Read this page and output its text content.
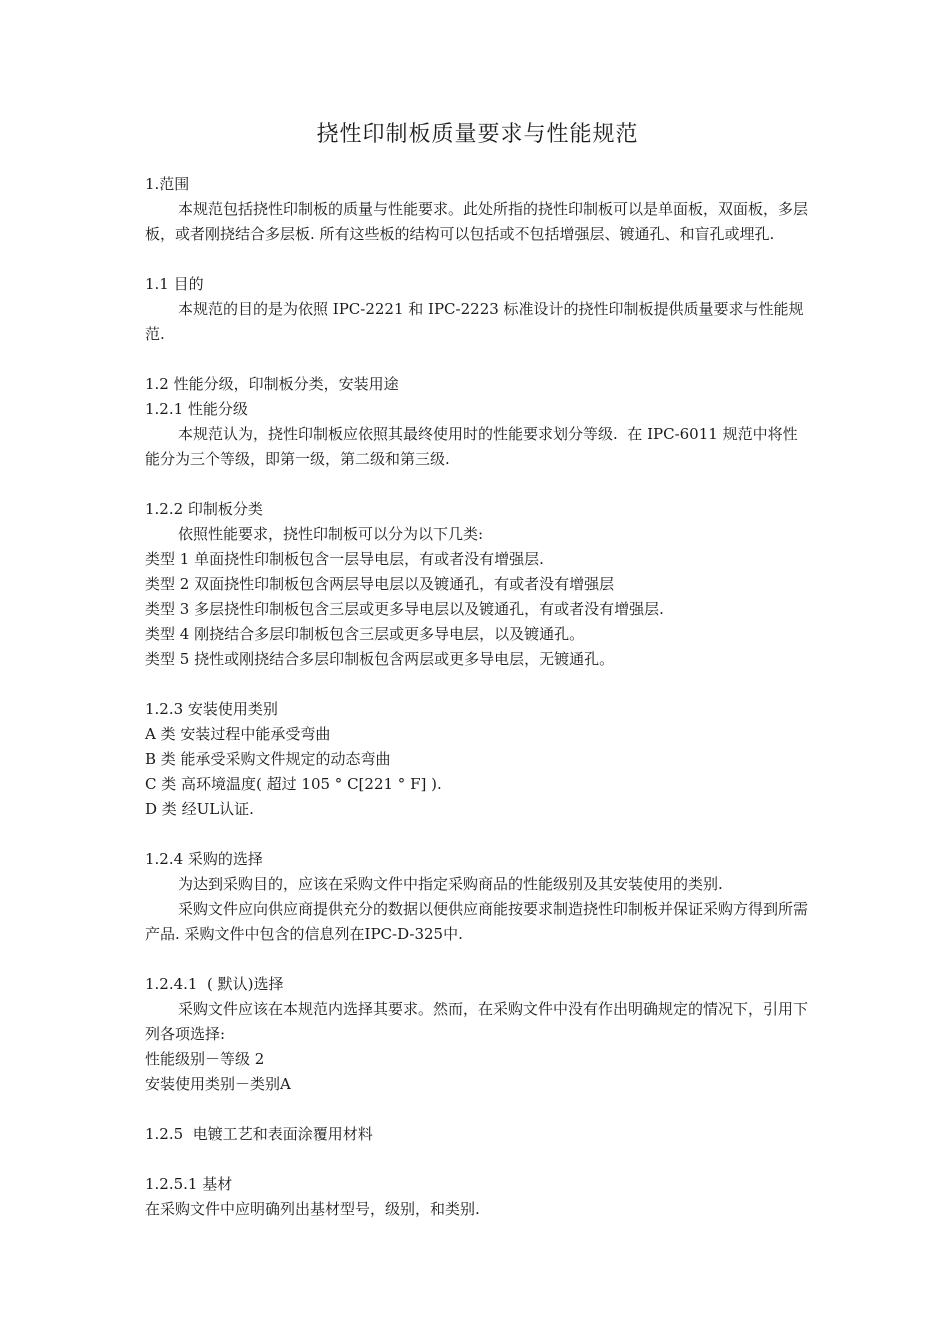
挠性印制板质量要求与性能规范

1.范围

本规范包括挠性印制板的质量与性能要求。此处所指的挠性印制板可以是单面板，双面板，多层板，或者刚挠结合多层板. 所有这些板的结构可以包括或不包括增强层、镀通孔、和盲孔或埋孔.

1.1 目的

本规范的目的是为依照 IPC-2221 和 IPC-2223 标准设计的挠性印制板提供质量要求与性能规范.

1.2 性能分级，印制板分类，安装用途

1.2.1 性能分级

本规范认为，挠性印制板应依照其最终使用时的性能要求划分等级.  在 IPC-6011 规范中将性能分为三个等级，即第一级，第二级和第三级.

1.2.2 印制板分类

依照性能要求，挠性印制板可以分为以下几类:

类型 1 单面挠性印制板包含一层导电层，有或者没有增强层.

类型 2 双面挠性印制板包含两层导电层以及镀通孔，有或者没有增强层

类型 3 多层挠性印制板包含三层或更多导电层以及镀通孔，有或者没有增强层.

类型 4 刚挠结合多层印制板包含三层或更多导电层，以及镀通孔。

类型 5 挠性或刚挠结合多层印制板包含两层或更多导电层，无镀通孔。

1.2.3 安装使用类别

A 类 安装过程中能承受弯曲

B 类 能承受采购文件规定的动态弯曲

C 类 高环境温度( 超过 105 ° C[221 ° F] ).

D 类 经UL认证.

1.2.4 采购的选择

为达到采购目的，应该在采购文件中指定采购商品的性能级别及其安装使用的类别.

采购文件应向供应商提供充分的数据以便供应商能按要求制造挠性印制板并保证采购方得到所需产品. 采购文件中包含的信息列在IPC-D-325中.

1.2.4.1  ( 默认)选择

采购文件应该在本规范内选择其要求。然而，在采购文件中没有作出明确规定的情况下，引用下列各项选择:

性能级别－等级 2

安装使用类别－类别A

1.2.5  电镀工艺和表面涂覆用材料

1.2.5.1 基材

在采购文件中应明确列出基材型号，级别，和类别.
